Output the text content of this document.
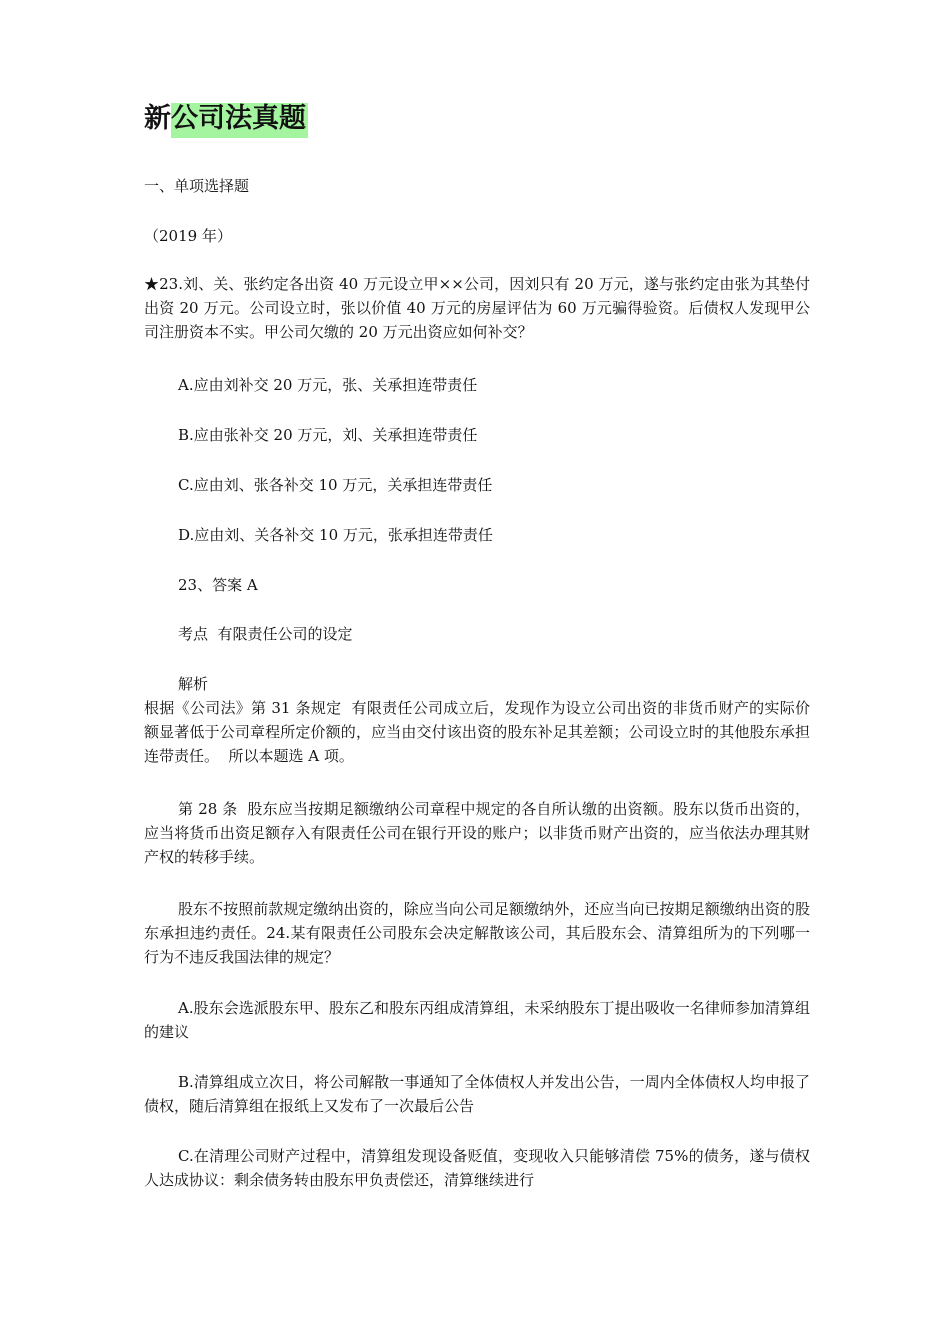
新公司法真题
一、单项选择题
（2019 年）
★23.刘、关、张约定各出资 40 万元设立甲××公司，因刘只有 20 万元，遂与张约定由张为其垫付出资 20 万元。公司设立时，张以价值 40 万元的房屋评估为 60 万元骗得验资。后债权人发现甲公司注册资本不实。甲公司欠缴的 20 万元出资应如何补交？
A.应由刘补交 20 万元，张、关承担连带责任
B.应由张补交 20 万元，刘、关承担连带责任
C.应由刘、张各补交 10 万元，关承担连带责任
D.应由刘、关各补交 10 万元，张承担连带责任
23、答案 A
考点  有限责任公司的设定
解析
根据《公司法》第 31 条规定  有限责任公司成立后，发现作为设立公司出资的非货币财产的实际价额显著低于公司章程所定价额的，应当由交付该出资的股东补足其差额；公司设立时的其他股东承担连带责任。  所以本题选 A 项。
第 28 条  股东应当按期足额缴纳公司章程中规定的各自所认缴的出资额。股东以货币出资的，应当将货币出资足额存入有限责任公司在银行开设的账户；以非货币财产出资的，应当依法办理其财产权的转移手续。
股东不按照前款规定缴纳出资的，除应当向公司足额缴纳外，还应当向已按期足额缴纳出资的股东承担违约责任。24.某有限责任公司股东会决定解散该公司，其后股东会、清算组所为的下列哪一行为不违反我国法律的规定？
A.股东会选派股东甲、股东乙和股东丙组成清算组，未采纳股东丁提出吸收一名律师参加清算组的建议
B.清算组成立次日，将公司解散一事通知了全体债权人并发出公告，一周内全体债权人均申报了债权，随后清算组在报纸上又发布了一次最后公告
C.在清理公司财产过程中，清算组发现设备贬值，变现收入只能够清偿 75%的债务，遂与债权人达成协议：剩余债务转由股东甲负责偿还，清算继续进行
